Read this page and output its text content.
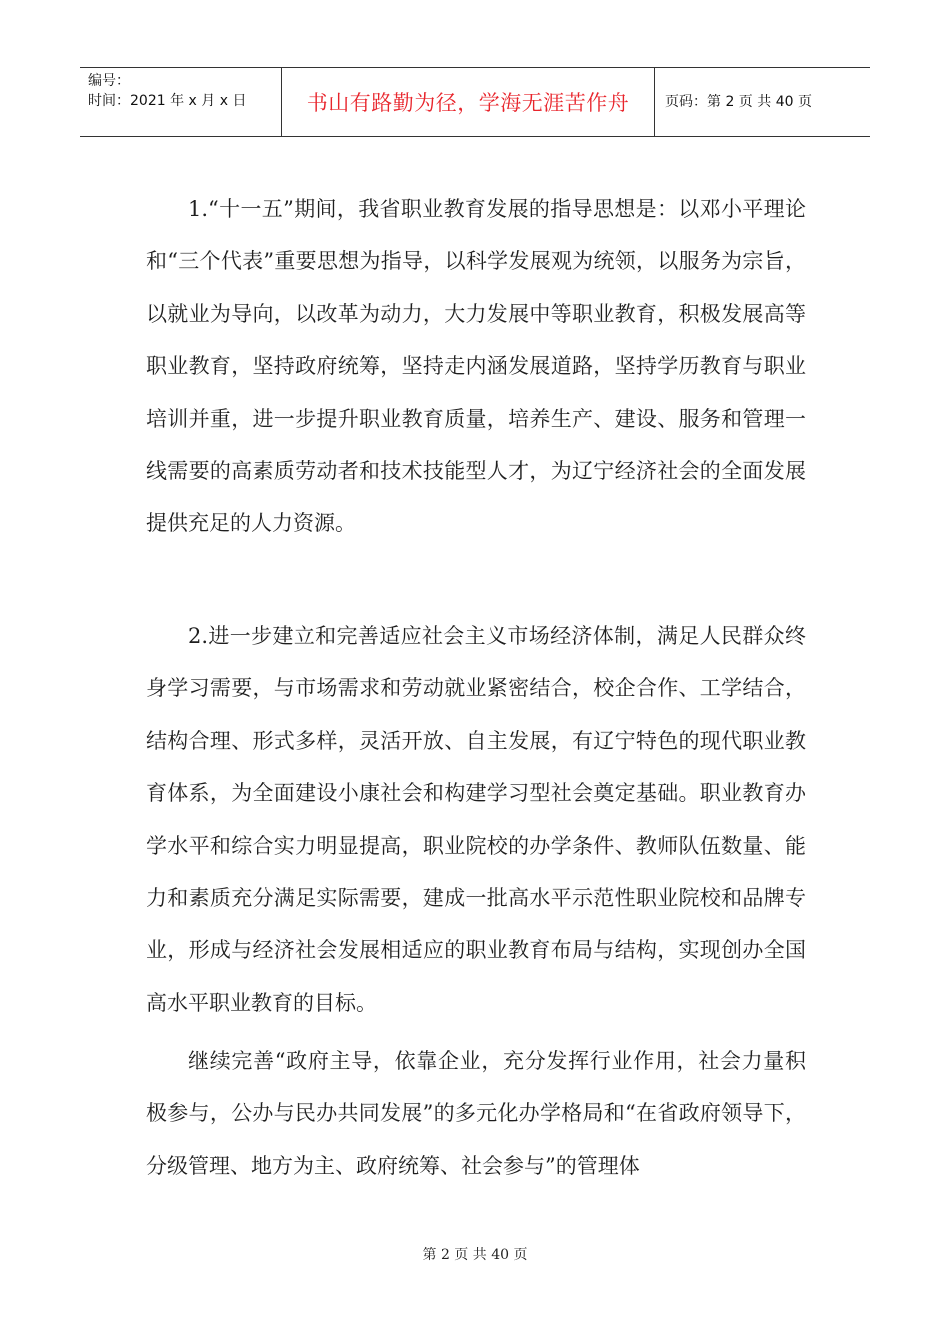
编号：
时间：2021 年 x 月 x 日	书山有路勤为径，学海无涯苦作舟	页码：第 2 页 共 40 页

1.“十一五”期间，我省职业教育发展的指导思想是：以邓小平理论和“三个代表”重要思想为指导，以科学发展观为统领，以服务为宗旨，以就业为导向，以改革为动力，大力发展中等职业教育，积极发展高等职业教育，坚持政府统筹，坚持走内涵发展道路，坚持学历教育与职业培训并重，进一步提升职业教育质量，培养生产、建设、服务和管理一线需要的高素质劳动者和技术技能型人才，为辽宁经济社会的全面发展提供充足的人力资源。

2.进一步建立和完善适应社会主义市场经济体制，满足人民群众终身学习需要，与市场需求和劳动就业紧密结合，校企合作、工学结合，结构合理、形式多样，灵活开放、自主发展，有辽宁特色的现代职业教育体系，为全面建设小康社会和构建学习型社会奠定基础。职业教育办学水平和综合实力明显提高，职业院校的办学条件、教师队伍数量、能力和素质充分满足实际需要，建成一批高水平示范性职业院校和品牌专业，形成与经济社会发展相适应的职业教育布局与结构，实现创办全国高水平职业教育的目标。

继续完善“政府主导，依靠企业，充分发挥行业作用，社会力量积极参与，公办与民办共同发展”的多元化办学格局和“在省政府领导下，分级管理、地方为主、政府统筹、社会参与”的管理体

第 2 页 共 40 页
